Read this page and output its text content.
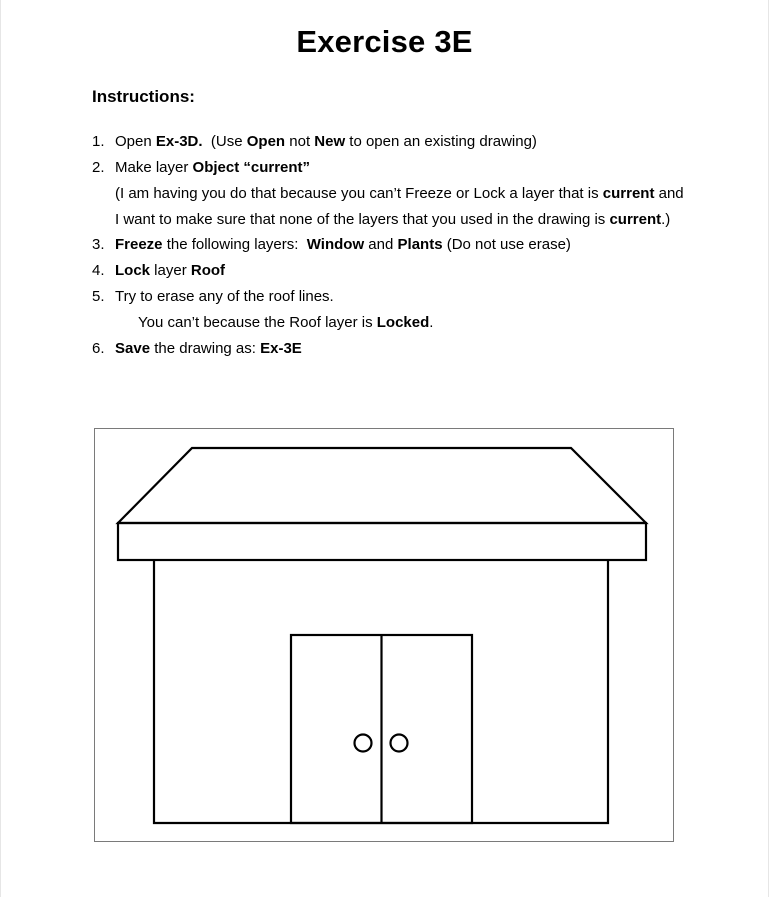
Exercise 3E
Instructions:
1. Open Ex-3D.  (Use Open not New to open an existing drawing)
2. Make layer Object “current”
(I am having you do that because you can’t Freeze or Lock a layer that is current and
I want to make sure that none of the layers that you used in the drawing is current.)
3. Freeze the following layers:  Window and Plants (Do not use erase)
4. Lock layer Roof
5. Try to erase any of the roof lines.
You can’t because the Roof layer is Locked.
6. Save the drawing as: Ex-3E
